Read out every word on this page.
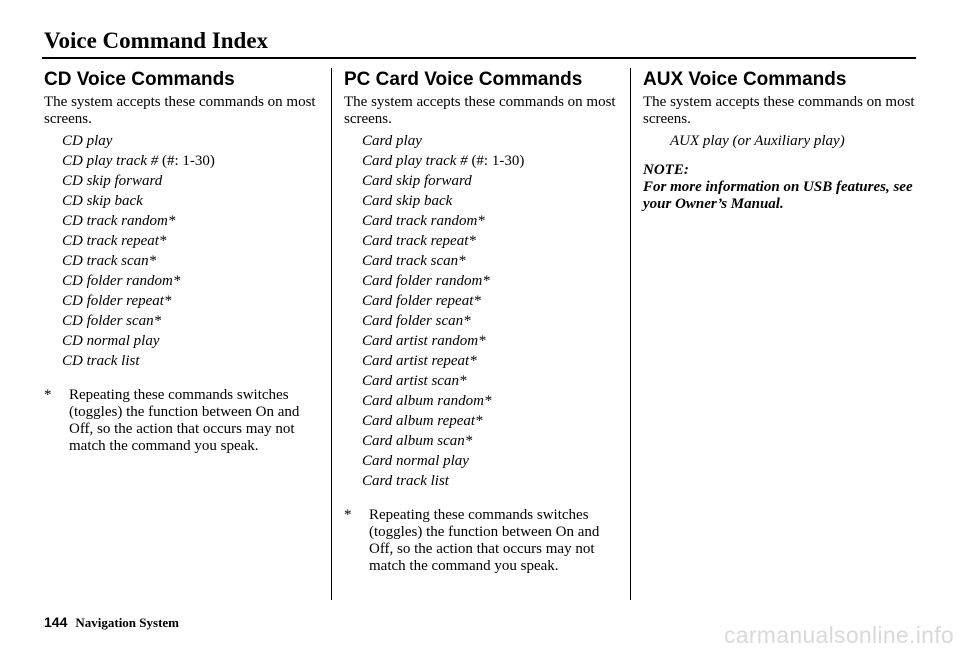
Voice Command Index
CD Voice Commands

The system accepts these commands on most screens.

CD play
CD play track # (#: 1-30)
CD skip forward
CD skip back
CD track random*
CD track repeat*
CD track scan*
CD folder random*
CD folder repeat*
CD folder scan*
CD normal play
CD track list
*	Repeating these commands switches (toggles) the function between On and Off, so the action that occurs may not match the command you speak.
PC Card Voice Commands

The system accepts these commands on most screens.

Card play
Card play track # (#: 1-30)
Card skip forward
Card skip back
Card track random*
Card track repeat*
Card track scan*
Card folder random*
Card folder repeat*
Card folder scan*
Card artist random*
Card artist repeat*
Card artist scan*
Card album random*
Card album repeat*
Card album scan*
Card normal play
Card track list
*	Repeating these commands switches (toggles) the function between On and Off, so the action that occurs may not match the command you speak.
AUX Voice Commands

The system accepts these commands on most screens.

AUX play (or Auxiliary play)
NOTE:
For more information on USB features, see your Owner’s Manual.
144 Navigation System	carmanualsonline.info
